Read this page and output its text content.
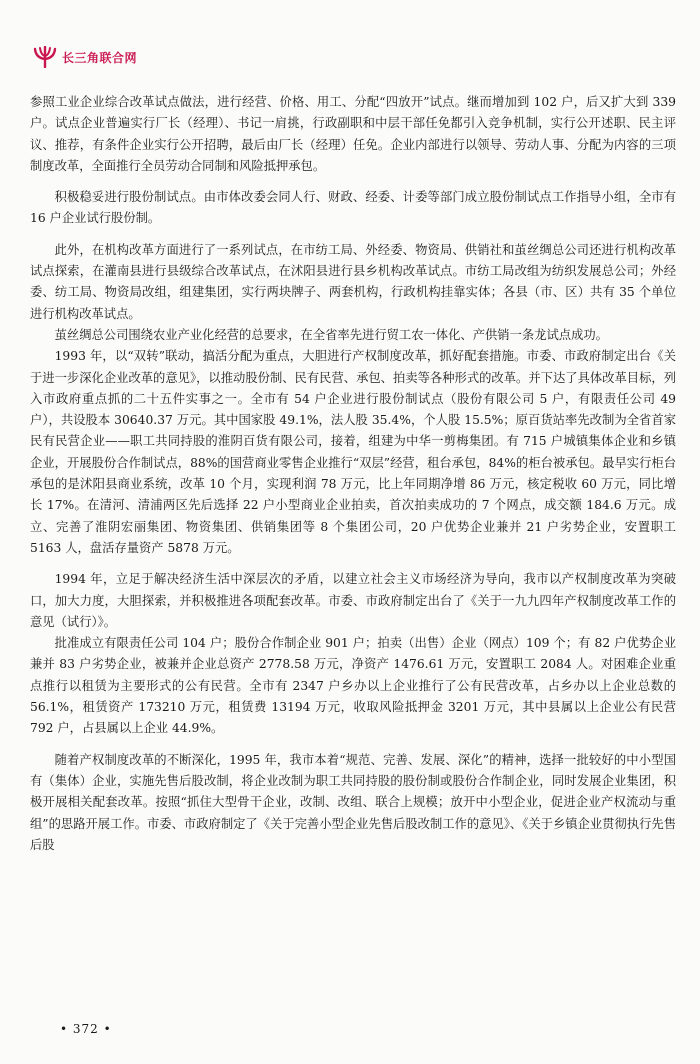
长三角联合网

参照工业企业综合改革试点做法，进行经营、价格、用工、分配“四放开”试点。继而增加到 102 户，后又扩大到 339 户。试点企业普遍实行厂长（经理）、书记一肩挑，行政副职和中层干部任免都引入竞争机制，实行公开述职、民主评议、推荐，有条件企业实行公开招聘，最后由厂长（经理）任免。企业内部进行以领导、劳动人事、分配为内容的三项制度改革，全面推行全员劳动合同制和风险抵押承包。

积极稳妥进行股份制试点。由市体改委会同人行、财政、经委、计委等部门成立股份制试点工作指导小组，全市有 16 户企业试行股份制。

此外，在机构改革方面进行了一系列试点，在市纺工局、外经委、物资局、供销社和茧丝绸总公司还进行机构改革试点探索，在灌南县进行县级综合改革试点，在沭阳县进行县乡机构改革试点。市纺工局改组为纺织发展总公司；外经委、纺工局、物资局改组，组建集团，实行两块牌子、两套机构，行政机构挂靠实体；各县（市、区）共有 35 个单位进行机构改革试点。

茧丝绸总公司围绕农业产业化经营的总要求，在全省率先进行贸工农一体化、产供销一条龙试点成功。

1993 年，以“双转”联动，搞活分配为重点，大胆进行产权制度改革，抓好配套措施。市委、市政府制定出台《关于进一步深化企业改革的意见》，以推动股份制、民有民营、承包、拍卖等各种形式的改革。并下达了具体改革目标，列入市政府重点抓的二十五件实事之一。全市有 54 户企业进行股份制试点（股份有限公司 5 户，有限责任公司 49 户），共设股本 30640.37 万元。其中国家股 49.1%，法人股 35.4%，个人股 15.5%；原百货站率先改制为全省首家民有民营企业——职工共同持股的淮阴百货有限公司，接着，组建为中华一剪梅集团。有 715 户城镇集体企业和乡镇企业，开展股份合作制试点，88%的国营商业零售企业推行“双层”经营，租台承包，84%的柜台被承包。最早实行柜台承包的是沭阳县商业系统，改革 10 个月，实现利润 78 万元，比上年同期净增 86 万元，核定税收 60 万元，同比增长 17%。在清河、清浦两区先后选择 22 户小型商业企业拍卖，首次拍卖成功的 7 个网点，成交额 184.6 万元。成立、完善了淮阴宏丽集团、物资集团、供销集团等 8 个集团公司，20 户优势企业兼并 21 户劣势企业，安置职工 5163 人，盘活存量资产 5878 万元。

1994 年，立足于解决经济生活中深层次的矛盾，以建立社会主义市场经济为导向，我市以产权制度改革为突破口，加大力度，大胆探索，并积极推进各项配套改革。市委、市政府制定出台了《关于一九九四年产权制度改革工作的意见（试行）》。

批准成立有限责任公司 104 户；股份合作制企业 901 户；拍卖（出售）企业（网点）109 个；有 82 户优势企业兼并 83 户劣势企业，被兼并企业总资产 2778.58 万元，净资产 1476.61 万元，安置职工 2084 人。对困难企业重点推行以租赁为主要形式的公有民营。全市有 2347 户乡办以上企业推行了公有民营改革，占乡办以上企业总数的 56.1%，租赁资产 173210 万元，租赁费 13194 万元，收取风险抵押金 3201 万元，其中县属以上企业公有民营 792 户，占县属以上企业 44.9%。

随着产权制度改革的不断深化，1995 年，我市本着“规范、完善、发展、深化”的精神，选择一批较好的中小型国有（集体）企业，实施先售后股改制，将企业改制为职工共同持股的股份制或股份合作制企业，同时发展企业集团，积极开展相关配套改革。按照“抓住大型骨干企业，改制、改组、联合上规模；放开中小型企业，促进企业产权流动与重组”的思路开展工作。市委、市政府制定了《关于完善小型企业先售后股改制工作的意见》、《关于乡镇企业贯彻执行先售后股

• 372 •
